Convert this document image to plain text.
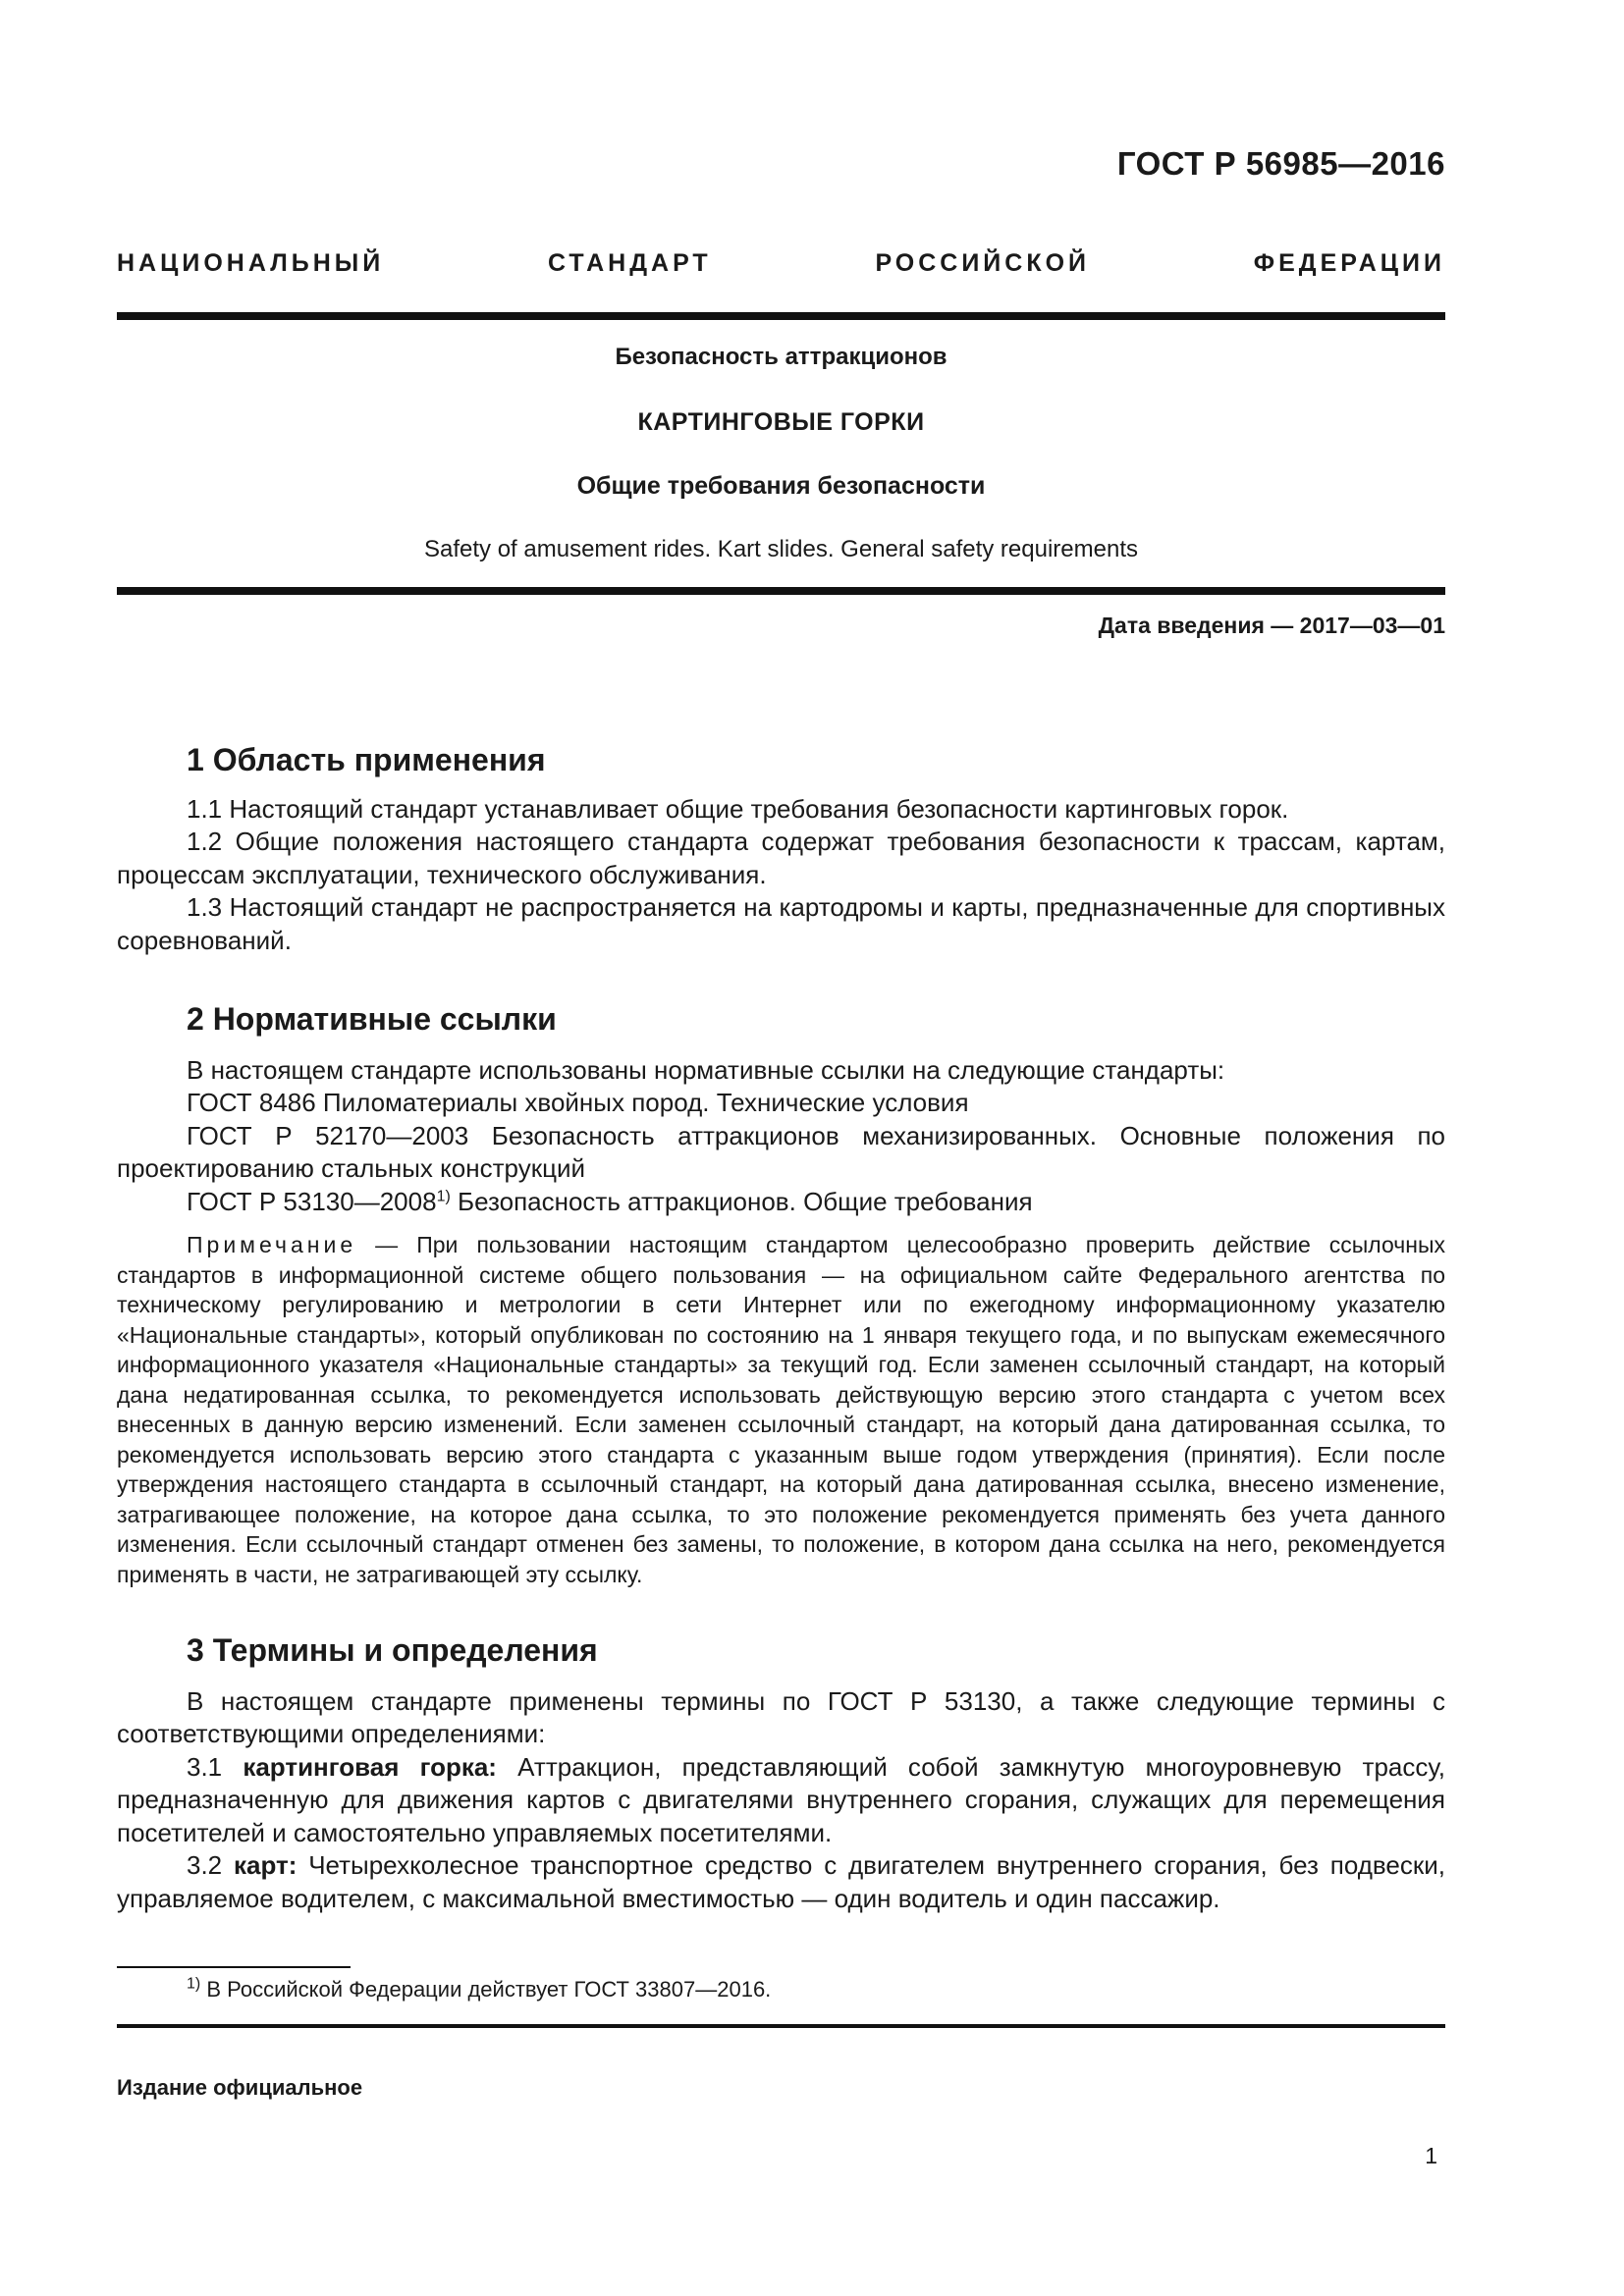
ГОСТ Р 56985—2016
НАЦИОНАЛЬНЫЙ СТАНДАРТ РОССИЙСКОЙ ФЕДЕРАЦИИ
Безопасность аттракционов
КАРТИНГОВЫЕ ГОРКИ
Общие требования безопасности
Safety of amusement rides. Kart slides. General safety requirements
Дата введения — 2017—03—01
1 Область применения

1.1 Настоящий стандарт устанавливает общие требования безопасности картинговых горок.

1.2 Общие положения настоящего стандарта содержат требования безопасности к трассам, картам, процессам эксплуатации, технического обслуживания.

1.3 Настоящий стандарт не распространяется на картодромы и карты, предназначенные для спортивных соревнований.

2 Нормативные ссылки

В настоящем стандарте использованы нормативные ссылки на следующие стандарты:

ГОСТ 8486 Пиломатериалы хвойных пород. Технические условия

ГОСТ Р 52170—2003 Безопасность аттракционов механизированных. Основные положения по проектированию стальных конструкций

ГОСТ Р 53130—2008$^{1)}$ Безопасность аттракционов. Общие требования

Примечание — При пользовании настоящим стандартом целесообразно проверить действие ссылочных стандартов в информационной системе общего пользования — на официальном сайте Федерального агентства по техническому регулированию и метрологии в сети Интернет или по ежегодному информационному указателю «Национальные стандарты», который опубликован по состоянию на 1 января текущего года, и по выпускам ежемесячного информационного указателя «Национальные стандарты» за текущий год. Если заменен ссылочный стандарт, на который дана недатированная ссылка, то рекомендуется использовать действующую версию этого стандарта с учетом всех внесенных в данную версию изменений. Если заменен ссылочный стандарт, на который дана датированная ссылка, то рекомендуется использовать версию этого стандарта с указанным выше годом утверждения (принятия). Если после утверждения настоящего стандарта в ссылочный стандарт, на который дана датированная ссылка, внесено изменение, затрагивающее положение, на которое дана ссылка, то это положение рекомендуется применять без учета данного изменения. Если ссылочный стандарт отменен без замены, то положение, в котором дана ссылка на него, рекомендуется применять в части, не затрагивающей эту ссылку.

3 Термины и определения

В настоящем стандарте применены термины по ГОСТ Р 53130, а также следующие термины с соответствующими определениями:

3.1 картинговая горка: Аттракцион, представляющий собой замкнутую многоуровневую трассу, предназначенную для движения картов с двигателями внутреннего сгорания, служащих для перемещения посетителей и самостоятельно управляемых посетителями.

3.2 карт: Четырехколесное транспортное средство с двигателем внутреннего сгорания, без подвески, управляемое водителем, с максимальной вместимостью — один водитель и один пассажир.

$^{1)}$ В Российской Федерации действует ГОСТ 33807—2016.
Издание официальное
1
